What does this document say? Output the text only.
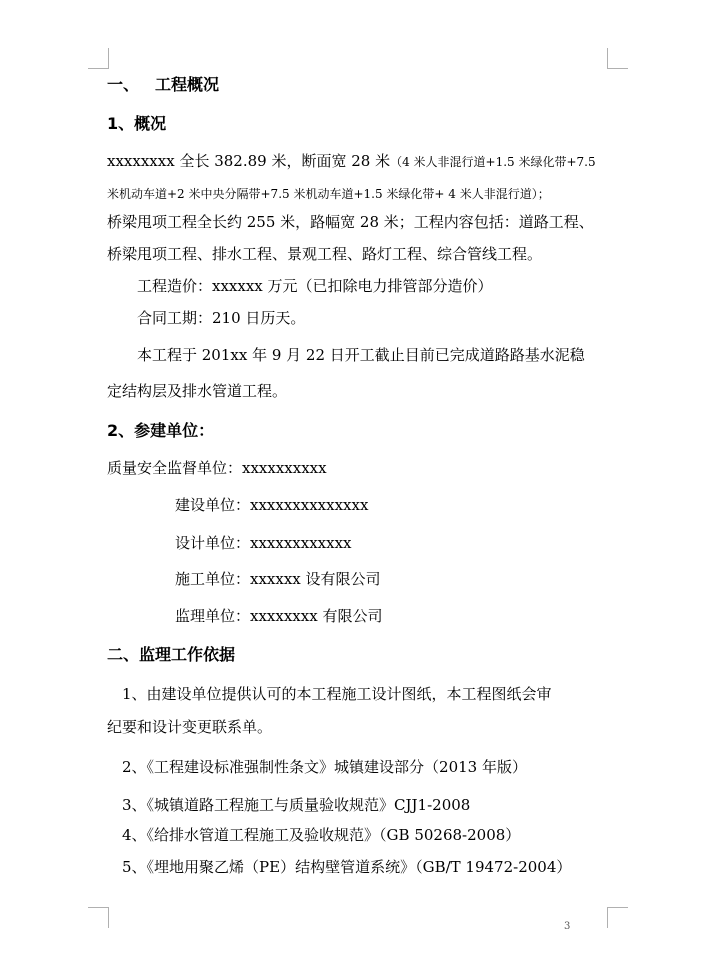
一、 工程概况
1、概况
xxxxxxxx 全长 382.89 米，断面宽 28 米（4 米人非混行道+1.5 米绿化带+7.5
米机动车道+2 米中央分隔带+7.5 米机动车道+1.5 米绿化带+ 4 米人非混行道）；
桥梁甩项工程全长约 255 米，路幅宽 28 米；工程内容包括：道路工程、
桥梁甩项工程、排水工程、景观工程、路灯工程、综合管线工程。
工程造价：xxxxxx 万元（已扣除电力排管部分造价）
合同工期：210 日历天。
本工程于 201xx 年 9 月 22 日开工截止目前已完成道路路基水泥稳
定结构层及排水管道工程。
2、参建单位：
质量安全监督单位：xxxxxxxxxx
建设单位：xxxxxxxxxxxxxx
设计单位：xxxxxxxxxxxx
施工单位：xxxxxx 设有限公司
监理单位：xxxxxxxx 有限公司
二、监理工作依据
1、由建设单位提供认可的本工程施工设计图纸，本工程图纸会审
纪要和设计变更联系单。
2、《工程建设标准强制性条文》城镇建设部分（2013 年版）
3、《城镇道路工程施工与质量验收规范》CJJ1-2008
4、《给排水管道工程施工及验收规范》（GB 50268-2008）
5、《埋地用聚乙烯（PE）结构壁管道系统》（GB/T 19472-2004）
3
